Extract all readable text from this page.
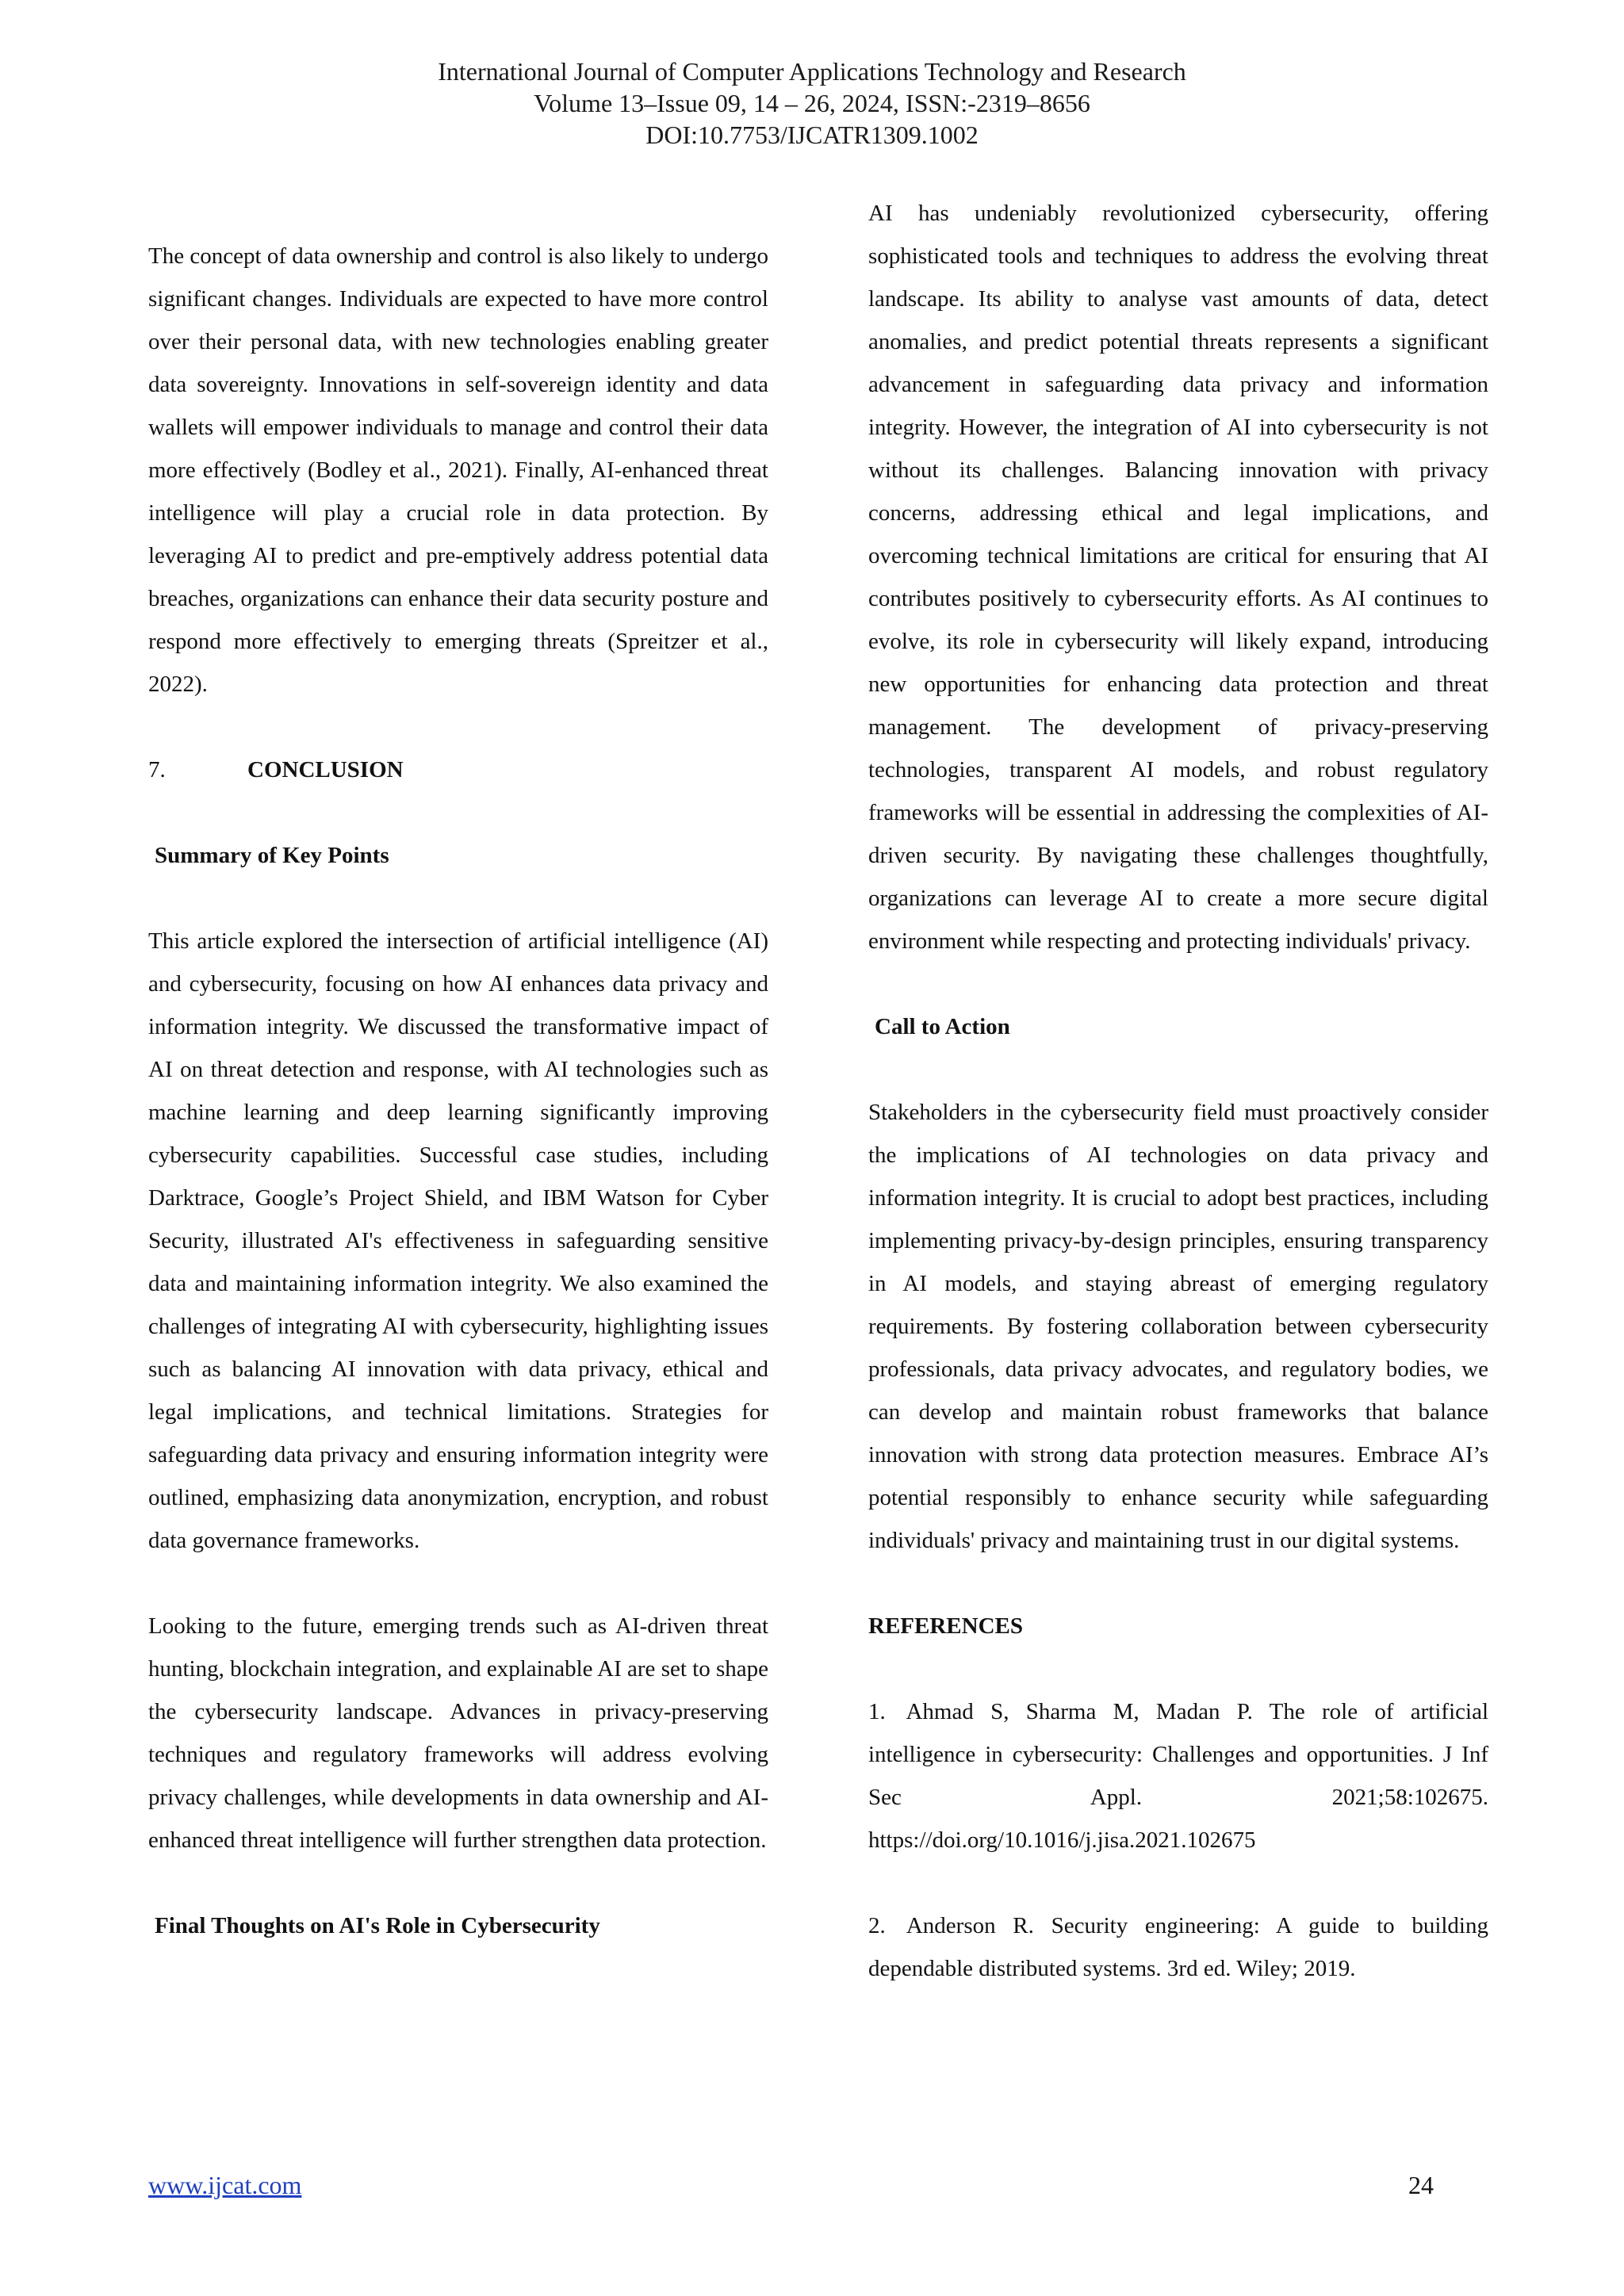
International Journal of Computer Applications Technology and Research
Volume 13–Issue 09, 14 – 26, 2024, ISSN:-2319–8656
DOI:10.7753/IJCATR1309.1002

The concept of data ownership and control is also likely to undergo significant changes. Individuals are expected to have more control over their personal data, with new technologies enabling greater data sovereignty. Innovations in self-sovereign identity and data wallets will empower individuals to manage and control their data more effectively (Bodley et al., 2021). Finally, AI-enhanced threat intelligence will play a crucial role in data protection. By leveraging AI to predict and pre-emptively address potential data breaches, organizations can enhance their data security posture and respond more effectively to emerging threats (Spreitzer et al., 2022).

7.	CONCLUSION
Summary of Key Points

This article explored the intersection of artificial intelligence (AI) and cybersecurity, focusing on how AI enhances data privacy and information integrity. We discussed the transformative impact of AI on threat detection and response, with AI technologies such as machine learning and deep learning significantly improving cybersecurity capabilities. Successful case studies, including Darktrace, Google’s Project Shield, and IBM Watson for Cyber Security, illustrated AI's effectiveness in safeguarding sensitive data and maintaining information integrity. We also examined the challenges of integrating AI with cybersecurity, highlighting issues such as balancing AI innovation with data privacy, ethical and legal implications, and technical limitations. Strategies for safeguarding data privacy and ensuring information integrity were outlined, emphasizing data anonymization, encryption, and robust data governance frameworks.

Looking to the future, emerging trends such as AI-driven threat hunting, blockchain integration, and explainable AI are set to shape the cybersecurity landscape. Advances in privacy-preserving techniques and regulatory frameworks will address evolving privacy challenges, while developments in data ownership and AI-enhanced threat intelligence will further strengthen data protection.

Final Thoughts on AI's Role in Cybersecurity

AI has undeniably revolutionized cybersecurity, offering sophisticated tools and techniques to address the evolving threat landscape. Its ability to analyse vast amounts of data, detect anomalies, and predict potential threats represents a significant advancement in safeguarding data privacy and information integrity. However, the integration of AI into cybersecurity is not without its challenges. Balancing innovation with privacy concerns, addressing ethical and legal implications, and overcoming technical limitations are critical for ensuring that AI contributes positively to cybersecurity efforts. As AI continues to evolve, its role in cybersecurity will likely expand, introducing new opportunities for enhancing data protection and threat management. The development of privacy-preserving technologies, transparent AI models, and robust regulatory frameworks will be essential in addressing the complexities of AI-driven security. By navigating these challenges thoughtfully, organizations can leverage AI to create a more secure digital environment while respecting and protecting individuals' privacy.

Call to Action

Stakeholders in the cybersecurity field must proactively consider the implications of AI technologies on data privacy and information integrity. It is crucial to adopt best practices, including implementing privacy-by-design principles, ensuring transparency in AI models, and staying abreast of emerging regulatory requirements. By fostering collaboration between cybersecurity professionals, data privacy advocates, and regulatory bodies, we can develop and maintain robust frameworks that balance innovation with strong data protection measures. Embrace AI’s potential responsibly to enhance security while safeguarding individuals' privacy and maintaining trust in our digital systems.

REFERENCES
1. Ahmad S, Sharma M, Madan P. The role of artificial intelligence in cybersecurity: Challenges and opportunities. J Inf Sec Appl. 2021;58:102675. https://doi.org/10.1016/j.jisa.2021.102675
2. Anderson R. Security engineering: A guide to building dependable distributed systems. 3rd ed. Wiley; 2019.
www.ijcat.com	24
